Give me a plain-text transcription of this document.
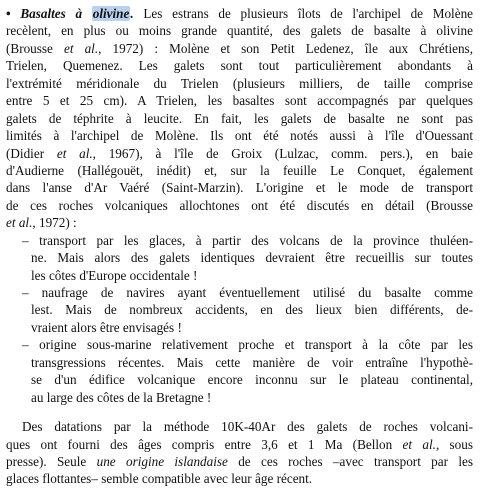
• Basaltes à olivine. Les estrans de plusieurs îlots de l'archipel de Molène
recèlent, en plus ou moins grande quantité, des galets de basalte à olivine
(Brousse et al., 1972) : Molène et son Petit Ledenez, île aux Chrétiens,
Trielen, Quemenez. Les galets sont tout particulièrement abondants à
l'extrémité méridionale du Trielen (plusieurs milliers, de taille comprise
entre 5 et 25 cm). A Trielen, les basaltes sont accompagnés par quelques
galets de téphrite à leucite. En fait, les galets de basalte ne sont pas
limités à l'archipel de Molène. Ils ont été notés aussi à l'île d'Ouessant
(Didier et al., 1967), à l'île de Groix (Lulzac, comm. pers.), en baie
d'Audierne (Hallégouët, inédit) et, sur la feuille Le Conquet, également
dans l'anse d'Ar Vaéré (Saint-Marzin). L'origine et le mode de transport
de ces roches volcaniques allochtones ont été discutés en détail (Brousse
et al., 1972) :
– transport par les glaces, à partir des volcans de la province thuléen-
ne. Mais alors des galets identiques devraient être recueillis sur toutes
les côtes d'Europe occidentale !
– naufrage de navires ayant éventuellement utilisé du basalte comme
lest. Mais de nombreux accidents, en des lieux bien différents, de-
vraient alors être envisagés !
– origine sous-marine relativement proche et transport à la côte par les
transgressions récentes. Mais cette manière de voir entraîne l'hypothè-
se d'un édifice volcanique encore inconnu sur le plateau continental,
au large des côtes de la Bretagne !
Des datations par la méthode 10K-40Ar des galets de roches volcani-
ques ont fourni des âges compris entre 3,6 et 1 Ma (Bellon et al., sous
presse). Seule une origine islandaise de ces roches –avec transport par les
glaces flottantes– semble compatible avec leur âge récent.
